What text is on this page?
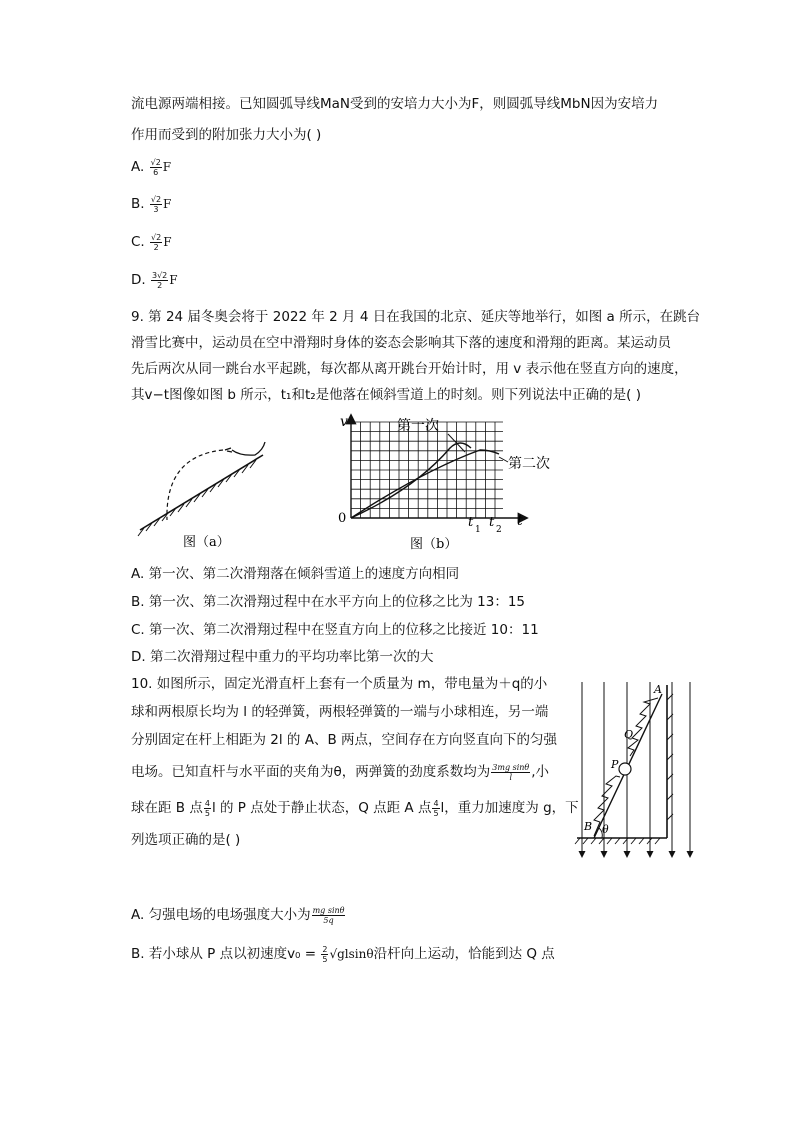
流电源两端相接。已知圆弧导线MaN受到的安培力大小为F，则圆弧导线MbN因为安培力
作用而受到的附加张力大小为( )
A. $\frac{√2}{6}$ F
B. $\frac{√2}{3}$ F
C. $\frac{√2}{2}$ F
D. $\frac{3√2}{2}$ F
9. 第 24 届冬奥会将于 2022 年 2 月 4 日在我国的北京、延庆等地举行，如图 a 所示，在跳台
滑雪比赛中，运动员在空中滑翔时身体的姿态会影响其下落的速度和滑翔的距离。某运动员
先后两次从同一跳台水平起跳，每次都从离开跳台开始计时，用 v 表示他在竖直方向的速度，
其v−t图像如图 b 所示，t₁和t₂是他落在倾斜雪道上的时刻。则下列说法中正确的是( )
图（a）
v
t
0
第一次
第二次
t 1 t 2
图（b）
A. 第一次、第二次滑翔落在倾斜雪道上的速度方向相同
B. 第一次、第二次滑翔过程中在水平方向上的位移之比为 13：15
C. 第一次、第二次滑翔过程中在竖直方向上的位移之比接近 10：11
D. 第二次滑翔过程中重力的平均功率比第一次的大
10. 如图所示，固定光滑直杆上套有一个质量为 m，带电量为＋q的小
球和两根原长均为 l 的轻弹簧，两根轻弹簧的一端与小球相连，另一端
分别固定在杆上相距为 2l 的 A、B 两点，空间存在方向竖直向下的匀强
电场。已知直杆与水平面的夹角为θ，两弹簧的劲度系数均为 $\frac{\text{3mg sinθ}}{l}$ ,小
球在距 B 点 $\frac{4}{5}$ l 的 P 点处于静止状态，Q 点距 A 点 $\frac{4}{5}$ l，重力加速度为 g，下
列选项正确的是( )
A
Q
P
B θ
A. 匀强电场的电场强度大小为 $\frac{\text{mg sinθ}}{5q}$
B. 若小球从 P 点以初速度$v_0 = \frac{2}{5} √glsin\theta$沿杆向上运动，恰能到达 Q 点
